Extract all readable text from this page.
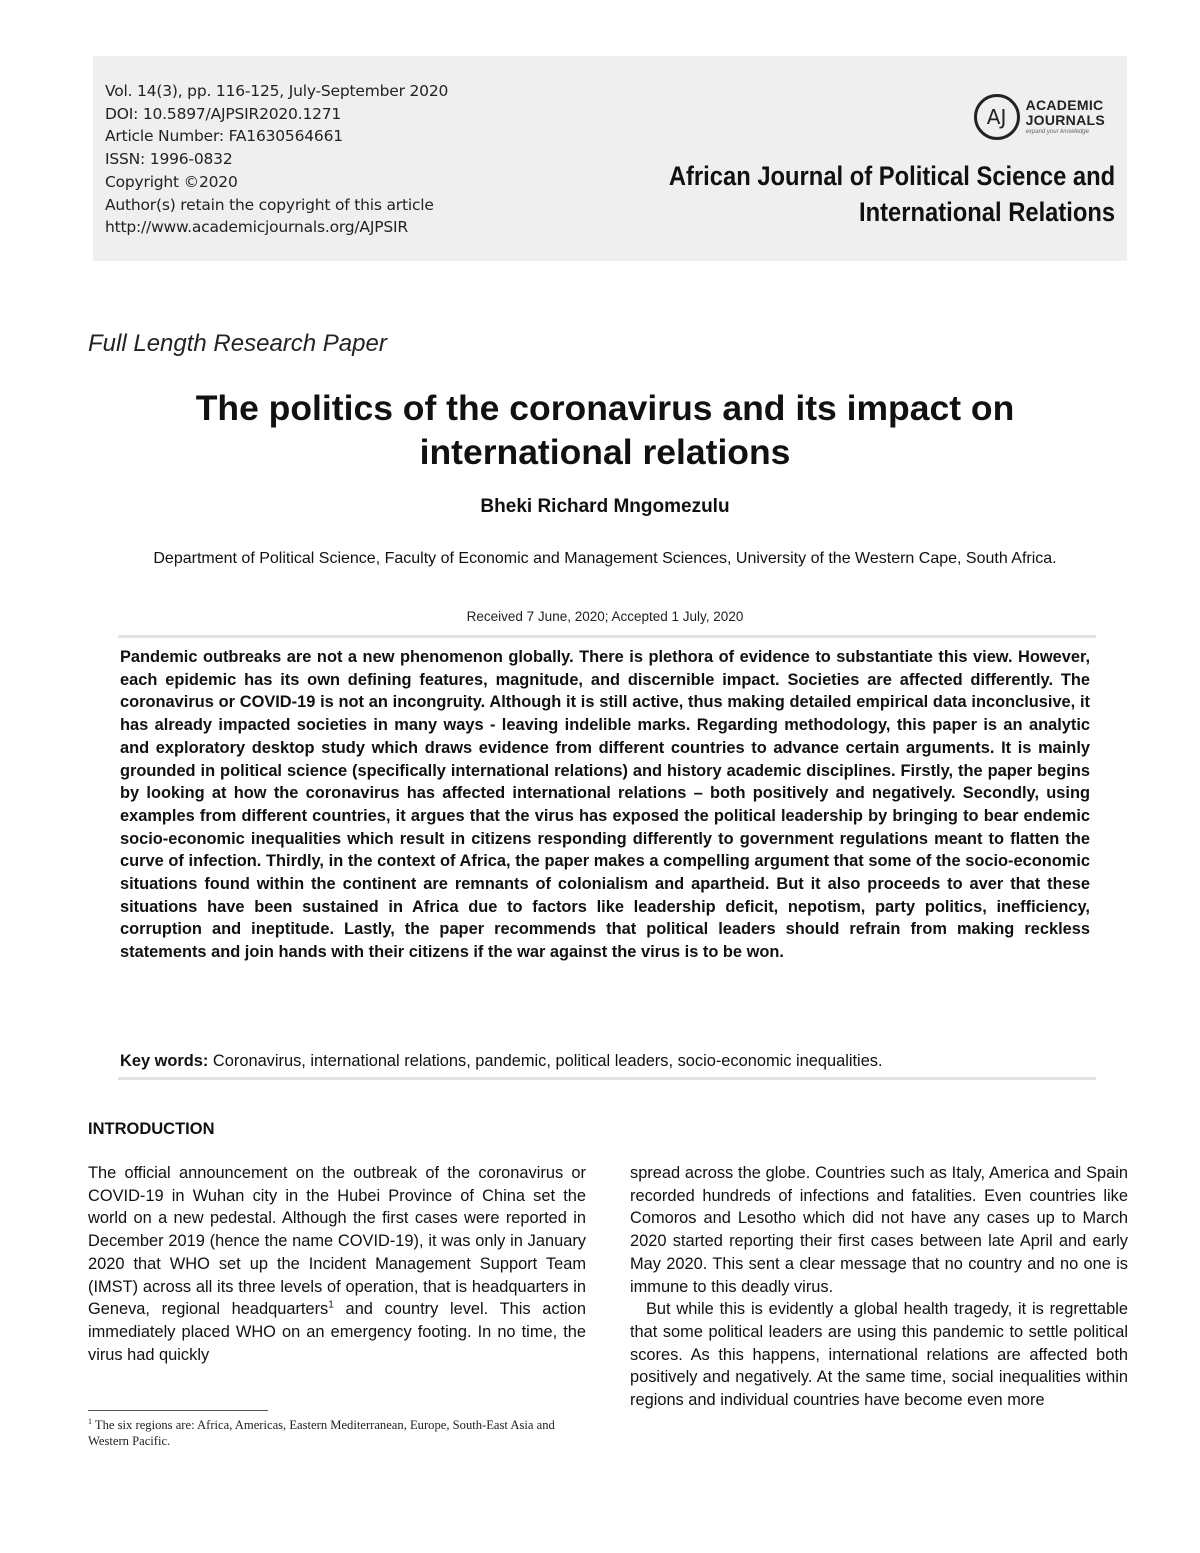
Vol. 14(3), pp. 116-125, July-September 2020
DOI: 10.5897/AJPSIR2020.1271
Article Number: FA1630564661
ISSN: 1996-0832
Copyright ©2020
Author(s) retain the copyright of this article
http://www.academicjournals.org/AJPSIR
AJ
ACADEMIC
JOURNALS
expand your knowledge
African Journal of Political Science and
International Relations
Full Length Research Paper
The politics of the coronavirus and its impact on international relations
Bheki Richard Mngomezulu
Department of Political Science, Faculty of Economic and Management Sciences, University of the Western Cape, South Africa.
Received 7 June, 2020; Accepted 1 July, 2020

Pandemic outbreaks are not a new phenomenon globally. There is plethora of evidence to substantiate this view. However, each epidemic has its own defining features, magnitude, and discernible impact. Societies are affected differently. The coronavirus or COVID-19 is not an incongruity. Although it is still active, thus making detailed empirical data inconclusive, it has already impacted societies in many ways - leaving indelible marks. Regarding methodology, this paper is an analytic and exploratory desktop study which draws evidence from different countries to advance certain arguments. It is mainly grounded in political science (specifically international relations) and history academic disciplines. Firstly, the paper begins by looking at how the coronavirus has affected international relations – both positively and negatively. Secondly, using examples from different countries, it argues that the virus has exposed the political leadership by bringing to bear endemic socio-economic inequalities which result in citizens responding differently to government regulations meant to flatten the curve of infection. Thirdly, in the context of Africa, the paper makes a compelling argument that some of the socio-economic situations found within the continent are remnants of colonialism and apartheid. But it also proceeds to aver that these situations have been sustained in Africa due to factors like leadership deficit, nepotism, party politics, inefficiency, corruption and ineptitude. Lastly, the paper recommends that political leaders should refrain from making reckless statements and join hands with their citizens if the war against the virus is to be won.

Key words: Coronavirus, international relations, pandemic, political leaders, socio-economic inequalities.
INTRODUCTION

The official announcement on the outbreak of the coronavirus or COVID-19 in Wuhan city in the Hubei Province of China set the world on a new pedestal. Although the first cases were reported in December 2019 (hence the name COVID-19), it was only in January 2020 that WHO set up the Incident Management Support Team (IMST) across all its three levels of operation, that is headquarters in Geneva, regional headquarters$^1$ and country level. This action immediately placed WHO on an emergency footing. In no time, the virus had quickly

spread across the globe. Countries such as Italy, America and Spain recorded hundreds of infections and fatalities. Even countries like Comoros and Lesotho which did not have any cases up to March 2020 started reporting their first cases between late April and early May 2020. This sent a clear message that no country and no one is immune to this deadly virus.

But while this is evidently a global health tragedy, it is regrettable that some political leaders are using this pandemic to settle political scores. As this happens, international relations are affected both positively and negatively. At the same time, social inequalities within regions and individual countries have become even more

$^1$ The six regions are: Africa, Americas, Eastern Mediterranean, Europe, South-East Asia and Western Pacific.
